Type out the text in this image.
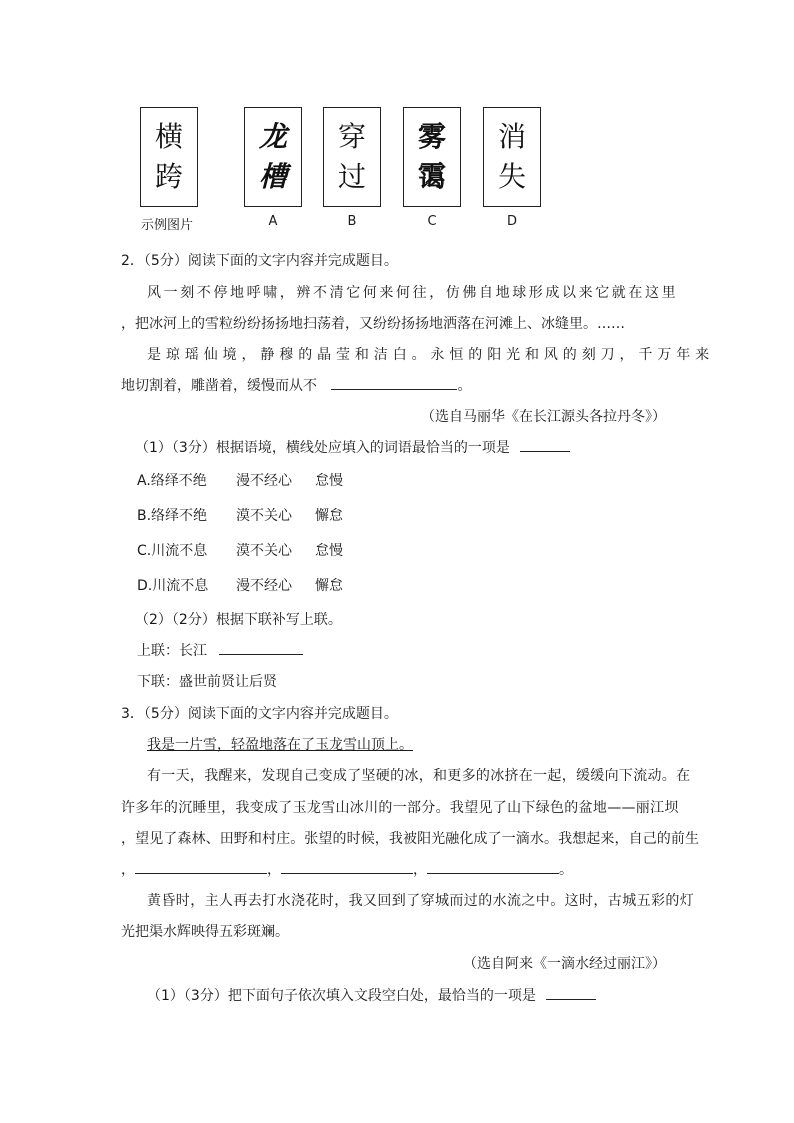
横
跨
龙
槽
穿
过
雾
霭
消
失
示例图片	A	B	C	D
2．（5分）阅读下面的文字内容并完成题目。
风一刻不停地呼啸，辨不清它何来何往，仿佛自地球形成以来它就在这里
，把冰河上的雪粒纷纷扬扬地扫荡着，又纷纷扬扬地洒落在河滩上、冰缝里。……
是琼瑶仙境，静穆的晶莹和洁白。永恒的阳光和风的刻刀，千万年来
地切割着，雕凿着，缓慢而从不	。
（选自马丽华《在长江源头各拉丹冬》）
（1）（3分）根据语境，横线处应填入的词语最恰当的一项是
A.络绎不绝 漫不经心 怠慢
B.络绎不绝 漠不关心 懈怠
C.川流不息 漠不关心 怠慢
D.川流不息 漫不经心 懈怠
（2）（2分）根据下联补写上联。
上联：长江
下联：盛世前贤让后贤
3．（5分）阅读下面的文字内容并完成题目。
我是一片雪，轻盈地落在了玉龙雪山顶上。
有一天，我醒来，发现自己变成了坚硬的冰，和更多的冰挤在一起，缓缓向下流动。在
许多年的沉睡里，我变成了玉龙雪山冰川的一部分。我望见了山下绿色的盆地——丽江坝
，望见了森林、田野和村庄。张望的时候，我被阳光融化成了一滴水。我想起来，自己的前生
，	，	，	。
黄昏时，主人再去打水浇花时，我又回到了穿城而过的水流之中。这时，古城五彩的灯
光把渠水辉映得五彩斑斓。
（选自阿来《一滴水经过丽江》）
（1）（3分）把下面句子依次填入文段空白处，最恰当的一项是
